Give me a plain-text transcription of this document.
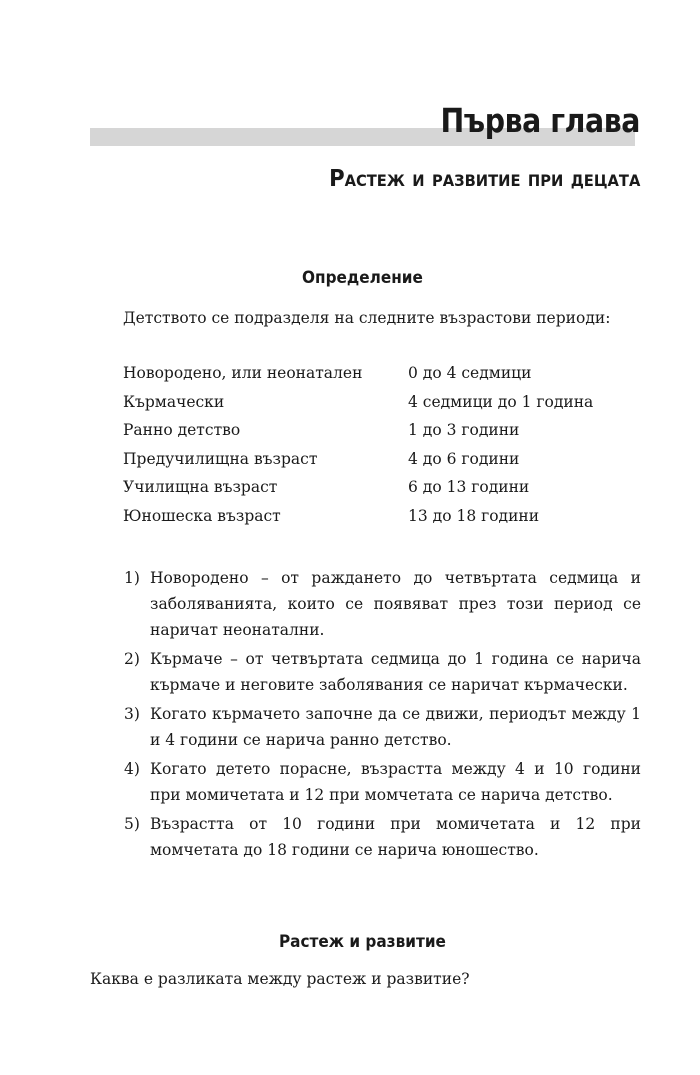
Първа глава
Растеж и развитие при децата
Определение
Детството се подразделя на следните възрастови периоди:
Новородено, или неонатален	0 до 4 седмици
Кърмачески	4 седмици до 1 година
Ранно детство	1 до 3 години
Предучилищна възраст	4 до 6 години
Училищна възраст	6 до 13 години
Юношеска възраст	13 до 18 години
1) Новородено – от раждането до четвъртата седмица и заболяванията, които се появяват през този период се наричат неонатални.
2) Кърмаче – от четвъртата седмица до 1 година се нарича кърмаче и неговите заболявания се наричат кърмачески.
3) Когато кърмачето започне да се движи, периодът между 1 и 4 години се нарича ранно детство.
4) Когато детето порасне, възрастта между 4 и 10 години при момичетата и 12 при момчетата се нарича детство.
5) Възрастта от 10 години при момичетата и 12 при момчетата до 18 години се нарича юношество.
Растеж и развитие
Каква е разликата между растеж и развитие?
